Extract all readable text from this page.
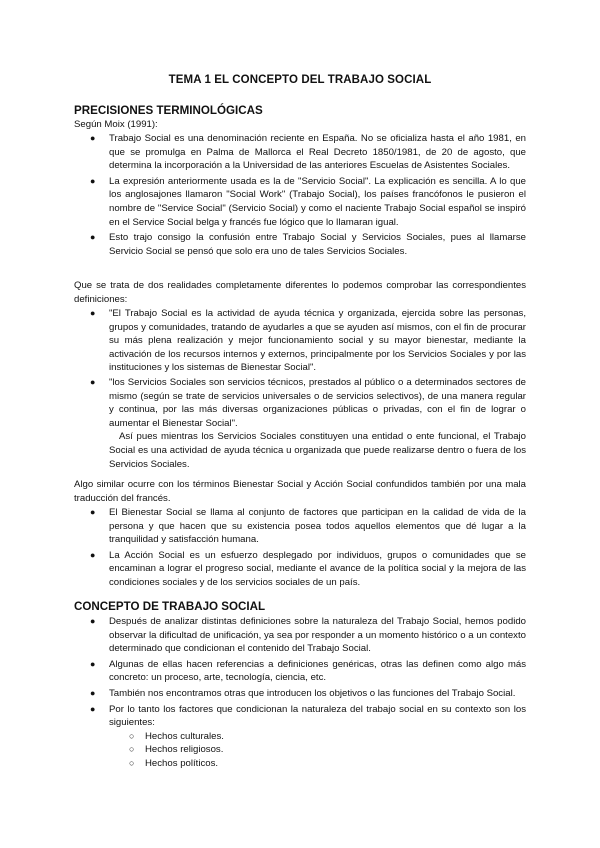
TEMA 1 EL CONCEPTO DEL TRABAJO SOCIAL
PRECISIONES TERMINOLÓGICAS

Según Moix (1991):

● Trabajo Social es una denominación reciente en España. No se oficializa hasta el año 1981, en que se promulga en Palma de Mallorca el Real Decreto 1850/1981, de 20 de agosto, que determina la incorporación a la Universidad de las anteriores Escuelas de Asistentes Sociales.
● La expresión anteriormente usada es la de "Servicio Social". La explicación es sencilla. A lo que los anglosajones llamaron "Social Work" (Trabajo Social), los países francófonos le pusieron el nombre de "Service Social" (Servicio Social) y como el naciente Trabajo Social español se inspiró en el Service Social belga y francés fue lógico que lo llamaran igual.
● Esto trajo consigo la confusión entre Trabajo Social y Servicios Sociales, pues al llamarse Servicio Social se pensó que solo era uno de tales Servicios Sociales.

Que se trata de dos realidades completamente diferentes lo podemos comprobar las correspondientes definiciones:

● "El Trabajo Social es la actividad de ayuda técnica y organizada, ejercida sobre las personas, grupos y comunidades, tratando de ayudarles a que se ayuden así mismos, con el fin de procurar su más plena realización y mejor funcionamiento social y su mayor bienestar, mediante la activación de los recursos internos y externos, principalmente por los Servicios Sociales y por las instituciones y los sistemas de Bienestar Social".
● "los Servicios Sociales son servicios técnicos, prestados al público o a determinados sectores de mismo (según se trate de servicios universales o de servicios selectivos), de una manera regular y continua, por las más diversas organizaciones públicas o privadas, con el fin de lograr o aumentar el Bienestar Social".
Así pues mientras los Servicios Sociales constituyen una entidad o ente funcional, el Trabajo Social es una actividad de ayuda técnica u organizada que puede realizarse dentro o fuera de los Servicios Sociales.

Algo similar ocurre con los términos Bienestar Social y Acción Social confundidos también por una mala traducción del francés.

● El Bienestar Social se llama al conjunto de factores que participan en la calidad de vida de la persona y que hacen que su existencia posea todos aquellos elementos que dé lugar a la tranquilidad y satisfacción humana.
● La Acción Social es un esfuerzo desplegado por individuos, grupos o comunidades que se encaminan a lograr el progreso social, mediante el avance de la política social y la mejora de las condiciones sociales y de los servicios sociales de un país.
CONCEPTO DE TRABAJO SOCIAL
● Después de analizar distintas definiciones sobre la naturaleza del Trabajo Social, hemos podido observar la dificultad de unificación, ya sea por responder a un momento histórico o a un contexto determinado que condicionan el contenido del Trabajo Social.
● Algunas de ellas hacen referencias a definiciones genéricas, otras las definen como algo más concreto: un proceso, arte, tecnología, ciencia, etc.
● También nos encontramos otras que introducen los objetivos o las funciones del Trabajo Social.
● Por lo tanto los factores que condicionan la naturaleza del trabajo social en su contexto son los siguientes:
○ Hechos culturales.
○ Hechos religiosos.
○ Hechos políticos.
